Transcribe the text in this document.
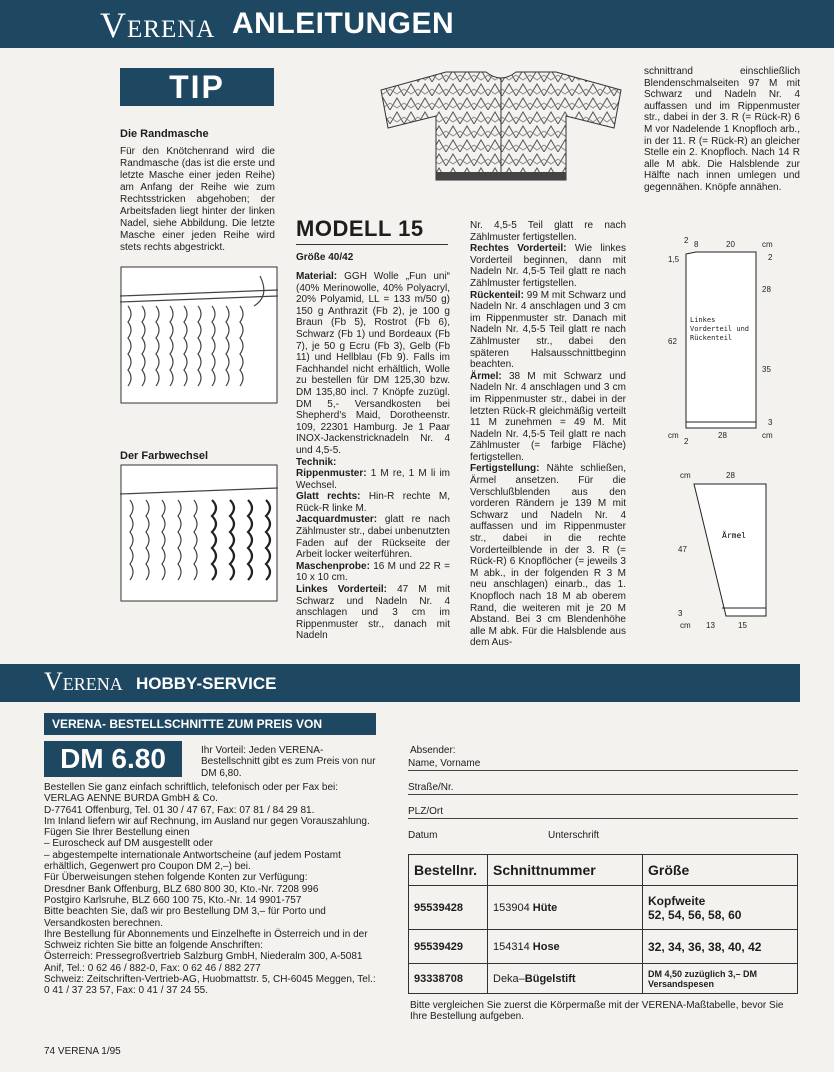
Verena ANLEITUNGEN
TIP
Die Randmasche
Für den Knötchenrand wird die Randmasche (das ist die erste und letzte Masche einer jeden Reihe) am Anfang der Reihe wie zum Rechtsstricken abgehoben; der Arbeitsfaden liegt hinter der linken Nadel, siehe Abbildung. Die letzte Masche einer jeden Reihe wird stets rechts abgestrickt.
Der Farbwechsel
MODELL 15
Größe 40/42

Material: GGH Wolle „Fun uni“ (40% Merinowolle, 40% Polyacryl, 20% Polyamid, LL = 133 m/50 g) 150 g Anthrazit (Fb 2), je 100 g Braun (Fb 5), Rostrot (Fb 6), Schwarz (Fb 1) und Bordeaux (Fb 7), je 50 g Ecru (Fb 3), Gelb (Fb 11) und Hellblau (Fb 9). Falls im Fachhandel nicht erhältlich, Wolle zu bestellen für DM 125,30 bzw. DM 135,80 incl. 7 Knöpfe zuzügl. DM 5,- Versandkosten bei Shepherd's Maid, Dorotheenstr. 109, 22301 Hamburg. Je 1 Paar INOX-Jackenstricknadeln Nr. 4 und 4,5-5.

Technik:

Rippenmuster: 1 M re, 1 M li im Wechsel.

Glatt rechts: Hin-R rechte M, Rück-R linke M.

Jacquardmuster: glatt re nach Zählmuster str., dabei unbenutzten Faden auf der Rückseite der Arbeit locker weiterführen.

Maschenprobe: 16 M und 22 R = 10 x 10 cm.

Linkes Vorderteil: 47 M mit Schwarz und Nadeln Nr. 4 anschlagen und 3 cm im Rippenmuster str., danach mit Nadeln

Nr. 4,5-5 Teil glatt re nach Zählmuster fertigstellen.

Rechtes Vorderteil: Wie linkes Vorderteil beginnen, dann mit Nadeln Nr. 4,5-5 Teil glatt re nach Zählmuster fertigstellen.

Rückenteil: 99 M mit Schwarz und Nadeln Nr. 4 anschlagen und 3 cm im Rippenmuster str. Danach mit Nadeln Nr. 4,5-5 Teil glatt re nach Zählmuster str., dabei den späteren Halsausschnittbeginn beachten.

Ärmel: 38 M mit Schwarz und Nadeln Nr. 4 anschlagen und 3 cm im Rippenmuster str., dabei in der letzten Rück-R gleichmäßig verteilt 11 M zunehmen = 49 M. Mit Nadeln Nr. 4,5-5 Teil glatt re nach Zählmuster (= farbige Fläche) fertigstellen.

Fertigstellung: Nähte schließen, Ärmel ansetzen. Für die Verschlußblenden aus den vorderen Rändern je 139 M mit Schwarz und Nadeln Nr. 4 auffassen und im Rippenmuster str., dabei in die rechte Vorderteilblende in der 3. R (= Rück-R) 6 Knopflöcher (= jeweils 3 M abk., in der folgenden R 3 M neu anschlagen) einarb., das 1. Knopfloch nach 18 M ab oberem Rand, die weiteren mit je 20 M Abstand. Bei 3 cm Blendenhöhe alle M abk. Für die Halsblende aus dem Aus-

schnittrand einschließlich Blendenschmalseiten 97 M mit Schwarz und Nadeln Nr. 4 auffassen und im Rippenmuster str., dabei in der 3. R (= Rück-R) 6 M vor Nadelende 1 Knopfloch arb., in der 11. R (= Rück-R) an gleicher Stelle ein 2. Knopfloch. Nach 14 R alle M abk. Die Halsblende zur Hälfte nach innen umlegen und gegennähen. Knöpfe annähen.
2 8	20	cm
1,5	2
28
62
35
3
cm
2
28	cm
Linkes Vorderteil und Rückenteil
cm	28
47
3
cm 13	15
Ärmel
Verena HOBBY-SERVICE
VERENA- BESTELLSCHNITTE ZUM PREIS VON
DM 6.80	Ihr Vorteil: Jeden VERENA-Bestellschnitt gibt es zum Preis von nur DM 6,80.
Bestellen Sie ganz einfach schriftlich, telefonisch oder per Fax bei:
VERLAG AENNE BURDA GmbH & Co.
D-77641 Offenburg, Tel. 01 30 / 47 67, Fax: 07 81 / 84 29 81.
Im Inland liefern wir auf Rechnung, im Ausland nur gegen Vorauszahlung.
Fügen Sie Ihrer Bestellung einen
– Euroscheck auf DM ausgestellt oder
– abgestempelte internationale Antwortscheine (auf jedem Postamt erhältlich, Gegenwert pro Coupon DM 2,–) bei.
Für Überweisungen stehen folgende Konten zur Verfügung:
Dresdner Bank Offenburg, BLZ 680 800 30, Kto.-Nr. 7208 996
Postgiro Karlsruhe, BLZ 660 100 75, Kto.-Nr. 14 9901-757
Bitte beachten Sie, daß wir pro Bestellung DM 3,– für Porto und Versandkosten berechnen.
Ihre Bestellung für Abonnements und Einzelhefte in Österreich und in der Schweiz richten Sie bitte an folgende Anschriften:
Österreich: Pressegroßvertrieb Salzburg GmbH, Niederalm 300, A-5081 Anif, Tel.: 0 62 46 / 882-0, Fax: 0 62 46 / 882 277
Schweiz: Zeitschriften-Vertrieb-AG, Huobmattstr. 5, CH-6045 Meggen, Tel.: 0 41 / 37 23 57, Fax: 0 41 / 37 24 55.
Absender:
Name, Vorname
Straße/Nr.
PLZ/Ort
Datum	Unterschrift
Bestellnr.	Schnittnummer	Größe
95539428	153904 Hüte	Kopfweite
52, 54, 56, 58, 60

95539429	154314 Hose	32, 34, 36, 38, 40, 42
93338708	Deka–Bügelstift	DM 4,50 zuzüglich 3,– DM
Versandspesen
Bitte vergleichen Sie zuerst die Körpermaße mit der VERENA-Maßtabelle, bevor Sie Ihre Bestellung aufgeben.
74 VERENA 1/95
